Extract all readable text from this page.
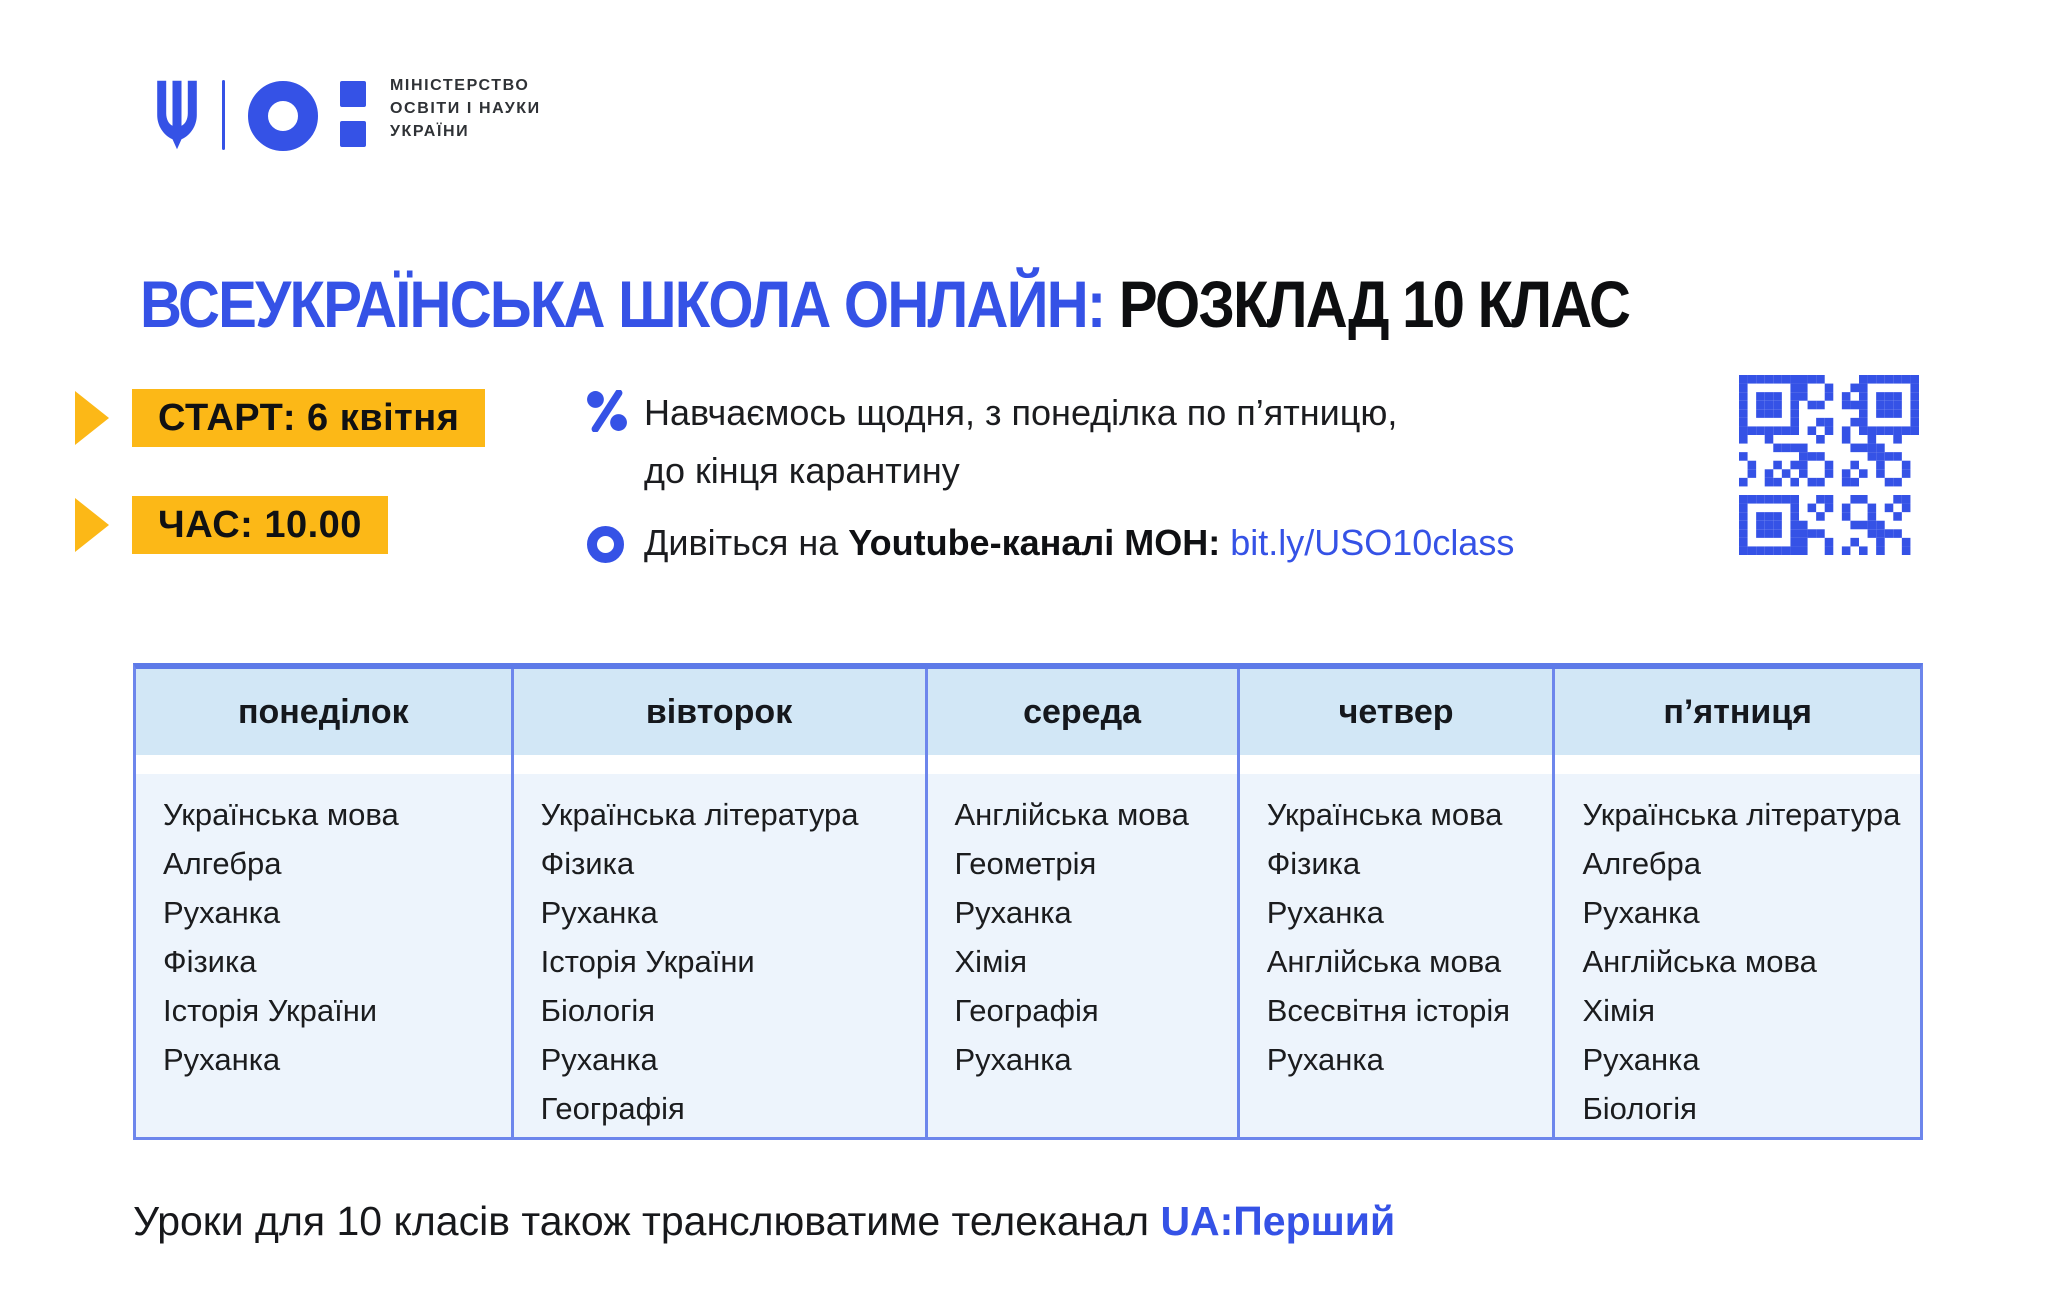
МІНІСТЕРСТВО
ОСВІТИ І НАУКИ
УКРАЇНИ
ВСЕУКРАЇНСЬКА ШКОЛА ОНЛАЙН: РОЗКЛАД 10 КЛАС
СТАРТ: 6 квітня
ЧАС: 10.00
Навчаємось щодня, з понеділка по п’ятницю,
до кінця карантину
Дивіться на Youtube-каналі МОН: bit.ly/USO10class
понеділок
Українська мова
Алгебра
Руханка
Фізика
Історія України
Руханка
вівторок
Українська література
Фізика
Руханка
Історія України
Біологія
Руханка
Географія
середа
Англійська мова
Геометрія
Руханка
Хімія
Географія
Руханка
четвер
Українська мова
Фізика
Руханка
Англійська мова
Всесвітня історія
Руханка
п’ятниця
Українська література
Алгебра
Руханка
Англійська мова
Хімія
Руханка
Біологія
Уроки для 10 класів також транслюватиме телеканал UA:Перший
